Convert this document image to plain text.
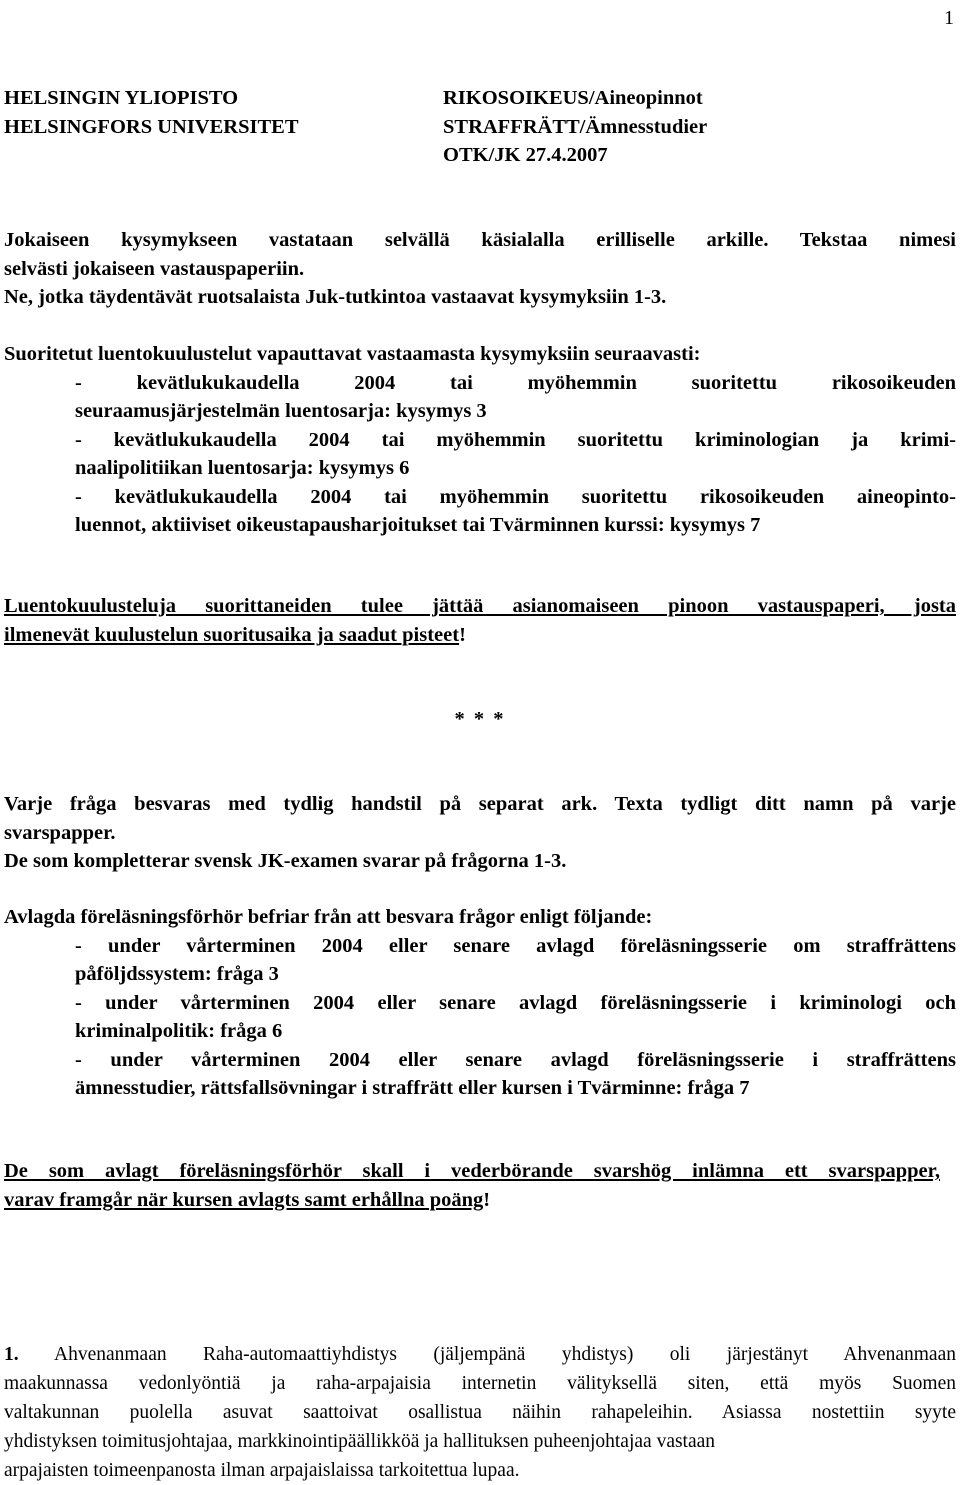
1
HELSINGIN YLIOPISTO
HELSINGFORS UNIVERSITET
RIKOSOIKEUS/Aineopinnot
STRAFFRÄTT/Ämnesstudier
OTK/JK 27.4.2007
Jokaiseen kysymykseen vastataan selvällä käsialalla erilliselle arkille. Tekstaa nimesi
selvästi jokaiseen vastauspaperiin.
Ne, jotka täydentävät ruotsalaista Juk-tutkintoa vastaavat kysymyksiin 1-3.
Suoritetut luentokuulustelut vapauttavat vastaamasta kysymyksiin seuraavasti:
- kevätlukukaudella 2004 tai myöhemmin suoritettu rikosoikeuden
seuraamusjärjestelmän luentosarja: kysymys 3
- kevätlukukaudella 2004 tai myöhemmin suoritettu kriminologian ja krimi-
naalipolitiikan luentosarja: kysymys 6
- kevätlukukaudella 2004 tai myöhemmin suoritettu rikosoikeuden aineopinto-
luennot, aktiiviset oikeustapausharjoitukset tai Tvärminnen kurssi: kysymys 7
Luentokuulusteluja suorittaneiden tulee jättää asianomaiseen pinoon vastauspaperi, josta
ilmenevät kuulustelun suoritusaika ja saadut pisteet!
* * *
Varje fråga besvaras med tydlig handstil på separat ark. Texta tydligt ditt namn på varje
svarspapper.
De som kompletterar svensk JK-examen svarar på frågorna 1-3.
Avlagda föreläsningsförhör befriar från att besvara frågor enligt följande:
- under vårterminen 2004 eller senare avlagd föreläsningsserie om straffrättens
påföljdssystem: fråga 3
- under vårterminen 2004 eller senare avlagd föreläsningsserie i kriminologi och
kriminalpolitik: fråga 6
- under vårterminen 2004 eller senare avlagd föreläsningsserie i straffrättens
ämnesstudier, rättsfallsövningar i straffrätt eller kursen i Tvärminne: fråga 7
De som avlagt föreläsningsförhör skall i vederbörande svarshög inlämna ett svarspapper,
varav framgår när kursen avlagts samt erhållna poäng!
1. Ahvenanmaan Raha-automaattiyhdistys (jäljempänä yhdistys) oli järjestänyt Ahvenanmaan
maakunnassa vedonlyöntiä ja raha-arpajaisia internetin välityksellä siten, että myös Suomen
valtakunnan puolella asuvat saattoivat osallistua näihin rahapeleihin. Asiassa nostettiin syyte
yhdistyksen toimitusjohtajaa, markkinointipäällikköä ja hallituksen puheenjohtajaa vastaan
arpajaisten toimeenpanosta ilman arpajaislaissa tarkoitettua lupaa.
